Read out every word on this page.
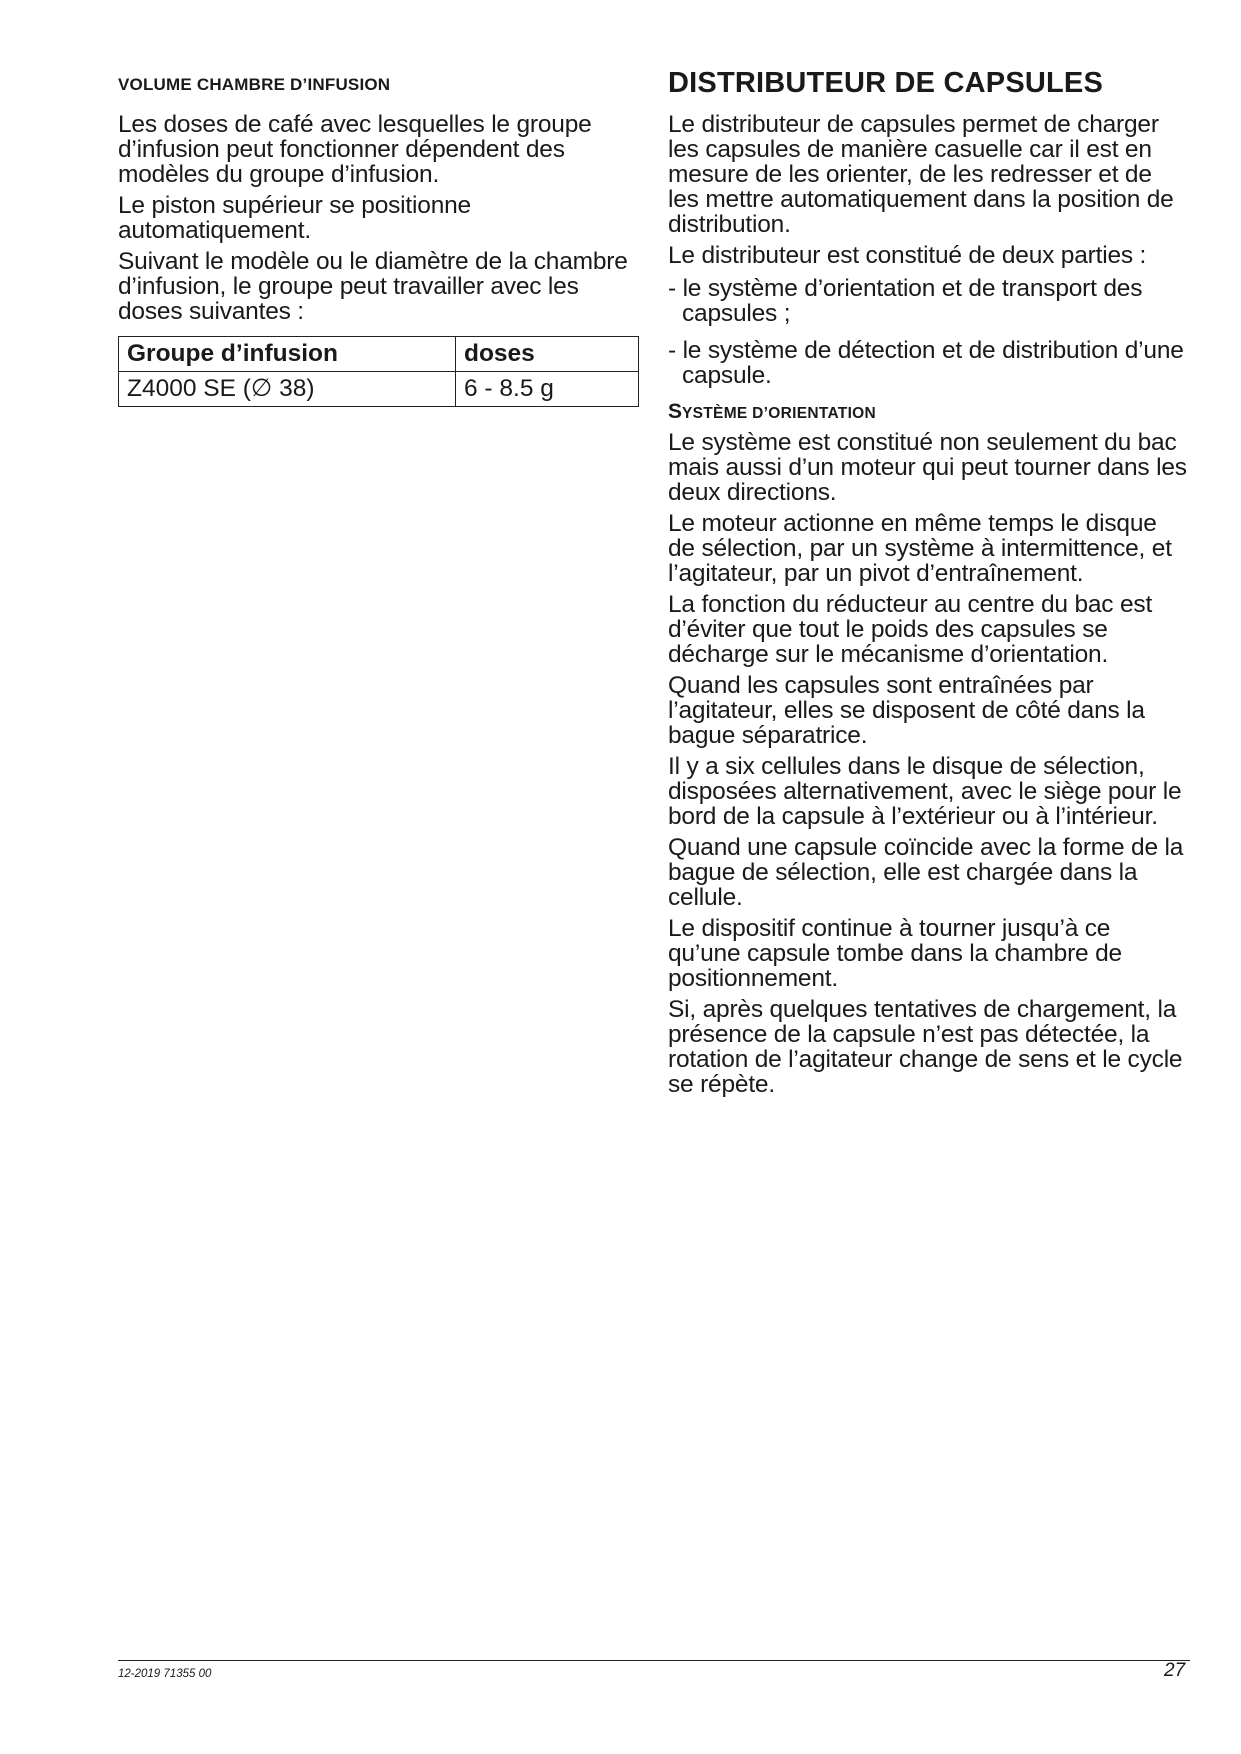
VOLUME CHAMBRE D’INFUSION

Les doses de café avec lesquelles le groupe d’infusion peut fonctionner dépendent des modèles du groupe d’infusion.

Le piston supérieur se positionne automatiquement.

Suivant le modèle ou le diamètre de la chambre d’infusion, le groupe peut travailler avec les doses suivantes :

Groupe d’infusion	doses
Z4000 SE (∅ 38)	6 - 8.5 g
DISTRIBUTEUR DE CAPSULES

Le distributeur de capsules permet de charger les capsules de manière casuelle car il est en mesure de les orienter, de les redresser et de les mettre automatiquement dans la position de distribution.

Le distributeur est constitué de deux parties :

- le système d’orientation et de transport des capsules ;
- le système de détection et de distribution d’une capsule.
SYSTÈME D’ORIENTATION

Le système est constitué non seulement du bac mais aussi d’un moteur qui peut tourner dans les deux directions.

Le moteur actionne en même temps le disque de sélection, par un système à intermittence, et l’agitateur, par un pivot d’entraînement.

La fonction du réducteur au centre du bac est d’éviter que tout le poids des capsules se décharge sur le mécanisme d’orientation.

Quand les capsules sont entraînées par l’agitateur, elles se disposent de côté dans la bague séparatrice.

Il y a six cellules dans le disque de sélection, disposées alternativement, avec le siège pour le bord de la capsule à l’extérieur ou à l’intérieur.

Quand une capsule coïncide avec la forme de la bague de sélection, elle est chargée dans la cellule.

Le dispositif continue à tourner jusqu’à ce qu’une capsule tombe dans la chambre de positionnement.

Si, après quelques tentatives de chargement, la présence de la capsule n’est pas détectée, la rotation de l’agitateur change de sens et le cycle se répète.

12-2019 71355 00	27
